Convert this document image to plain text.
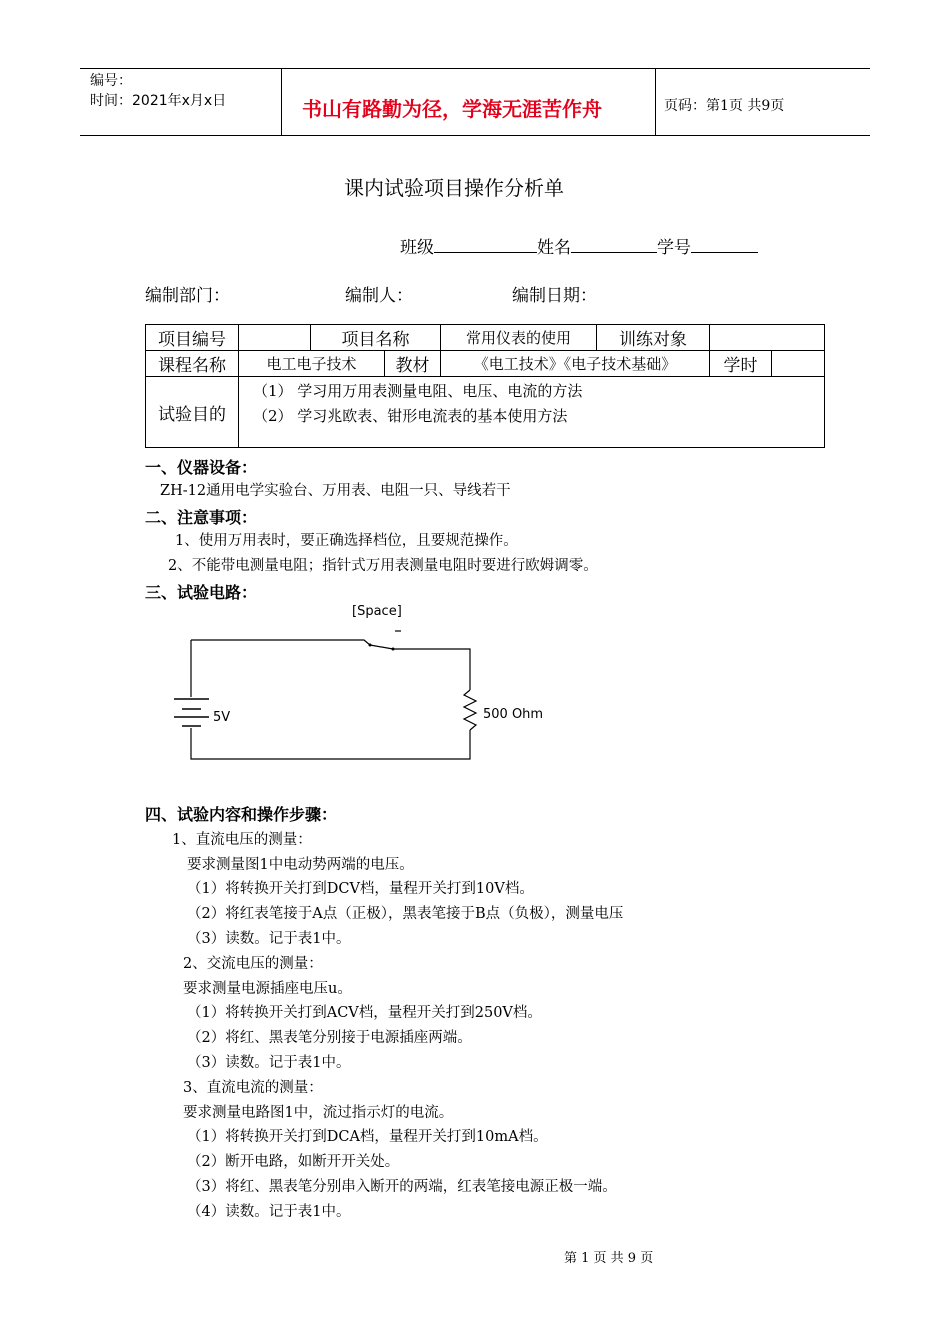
编号：
时间：2021年x月x日	书山有路勤为径，学海无涯苦作舟	页码：第1页 共9页
课内试验项目操作分析单
班级	姓名	学号
编制部门：	编制人：	编制日期：
项目编号		项目名称		常用仪表的使用	训练对象		
课程名称	电工电子技术		教材	《电工技术》《电子技术基础》		学时	
试验目的	（1） 学习用万用表测量电阻、电压、电流的方法
（2） 学习兆欧表、钳形电流表的基本使用方法						
一、仪器设备：
ZH-12通用电学实验台、万用表、电阻一只、导线若干
二、注意事项：
1、使用万用表时，要正确选择档位，且要规范操作。
2、不能带电测量电阻；指针式万用表测量电阻时要进行欧姆调零。
三、试验电路：
[Space]
5V	500 Ohm
四、试验内容和操作步骤：
1、直流电压的测量：
要求测量图1中电动势两端的电压。
（1）将转换开关打到DCV档，量程开关打到10V档。
（2）将红表笔接于A点（正极），黑表笔接于B点（负极），测量电压
（3）读数。记于表1中。
2、交流电压的测量：
要求测量电源插座电压u。
（1）将转换开关打到ACV档，量程开关打到250V档。
（2）将红、黑表笔分别接于电源插座两端。
（3）读数。记于表1中。
3、直流电流的测量：
要求测量电路图1中，流过指示灯的电流。
（1）将转换开关打到DCA档，量程开关打到10mA档。
（2）断开电路，如断开开关处。
（3）将红、黑表笔分别串入断开的两端，红表笔接电源正极一端。
（4）读数。记于表1中。
第 1 页 共 9 页
